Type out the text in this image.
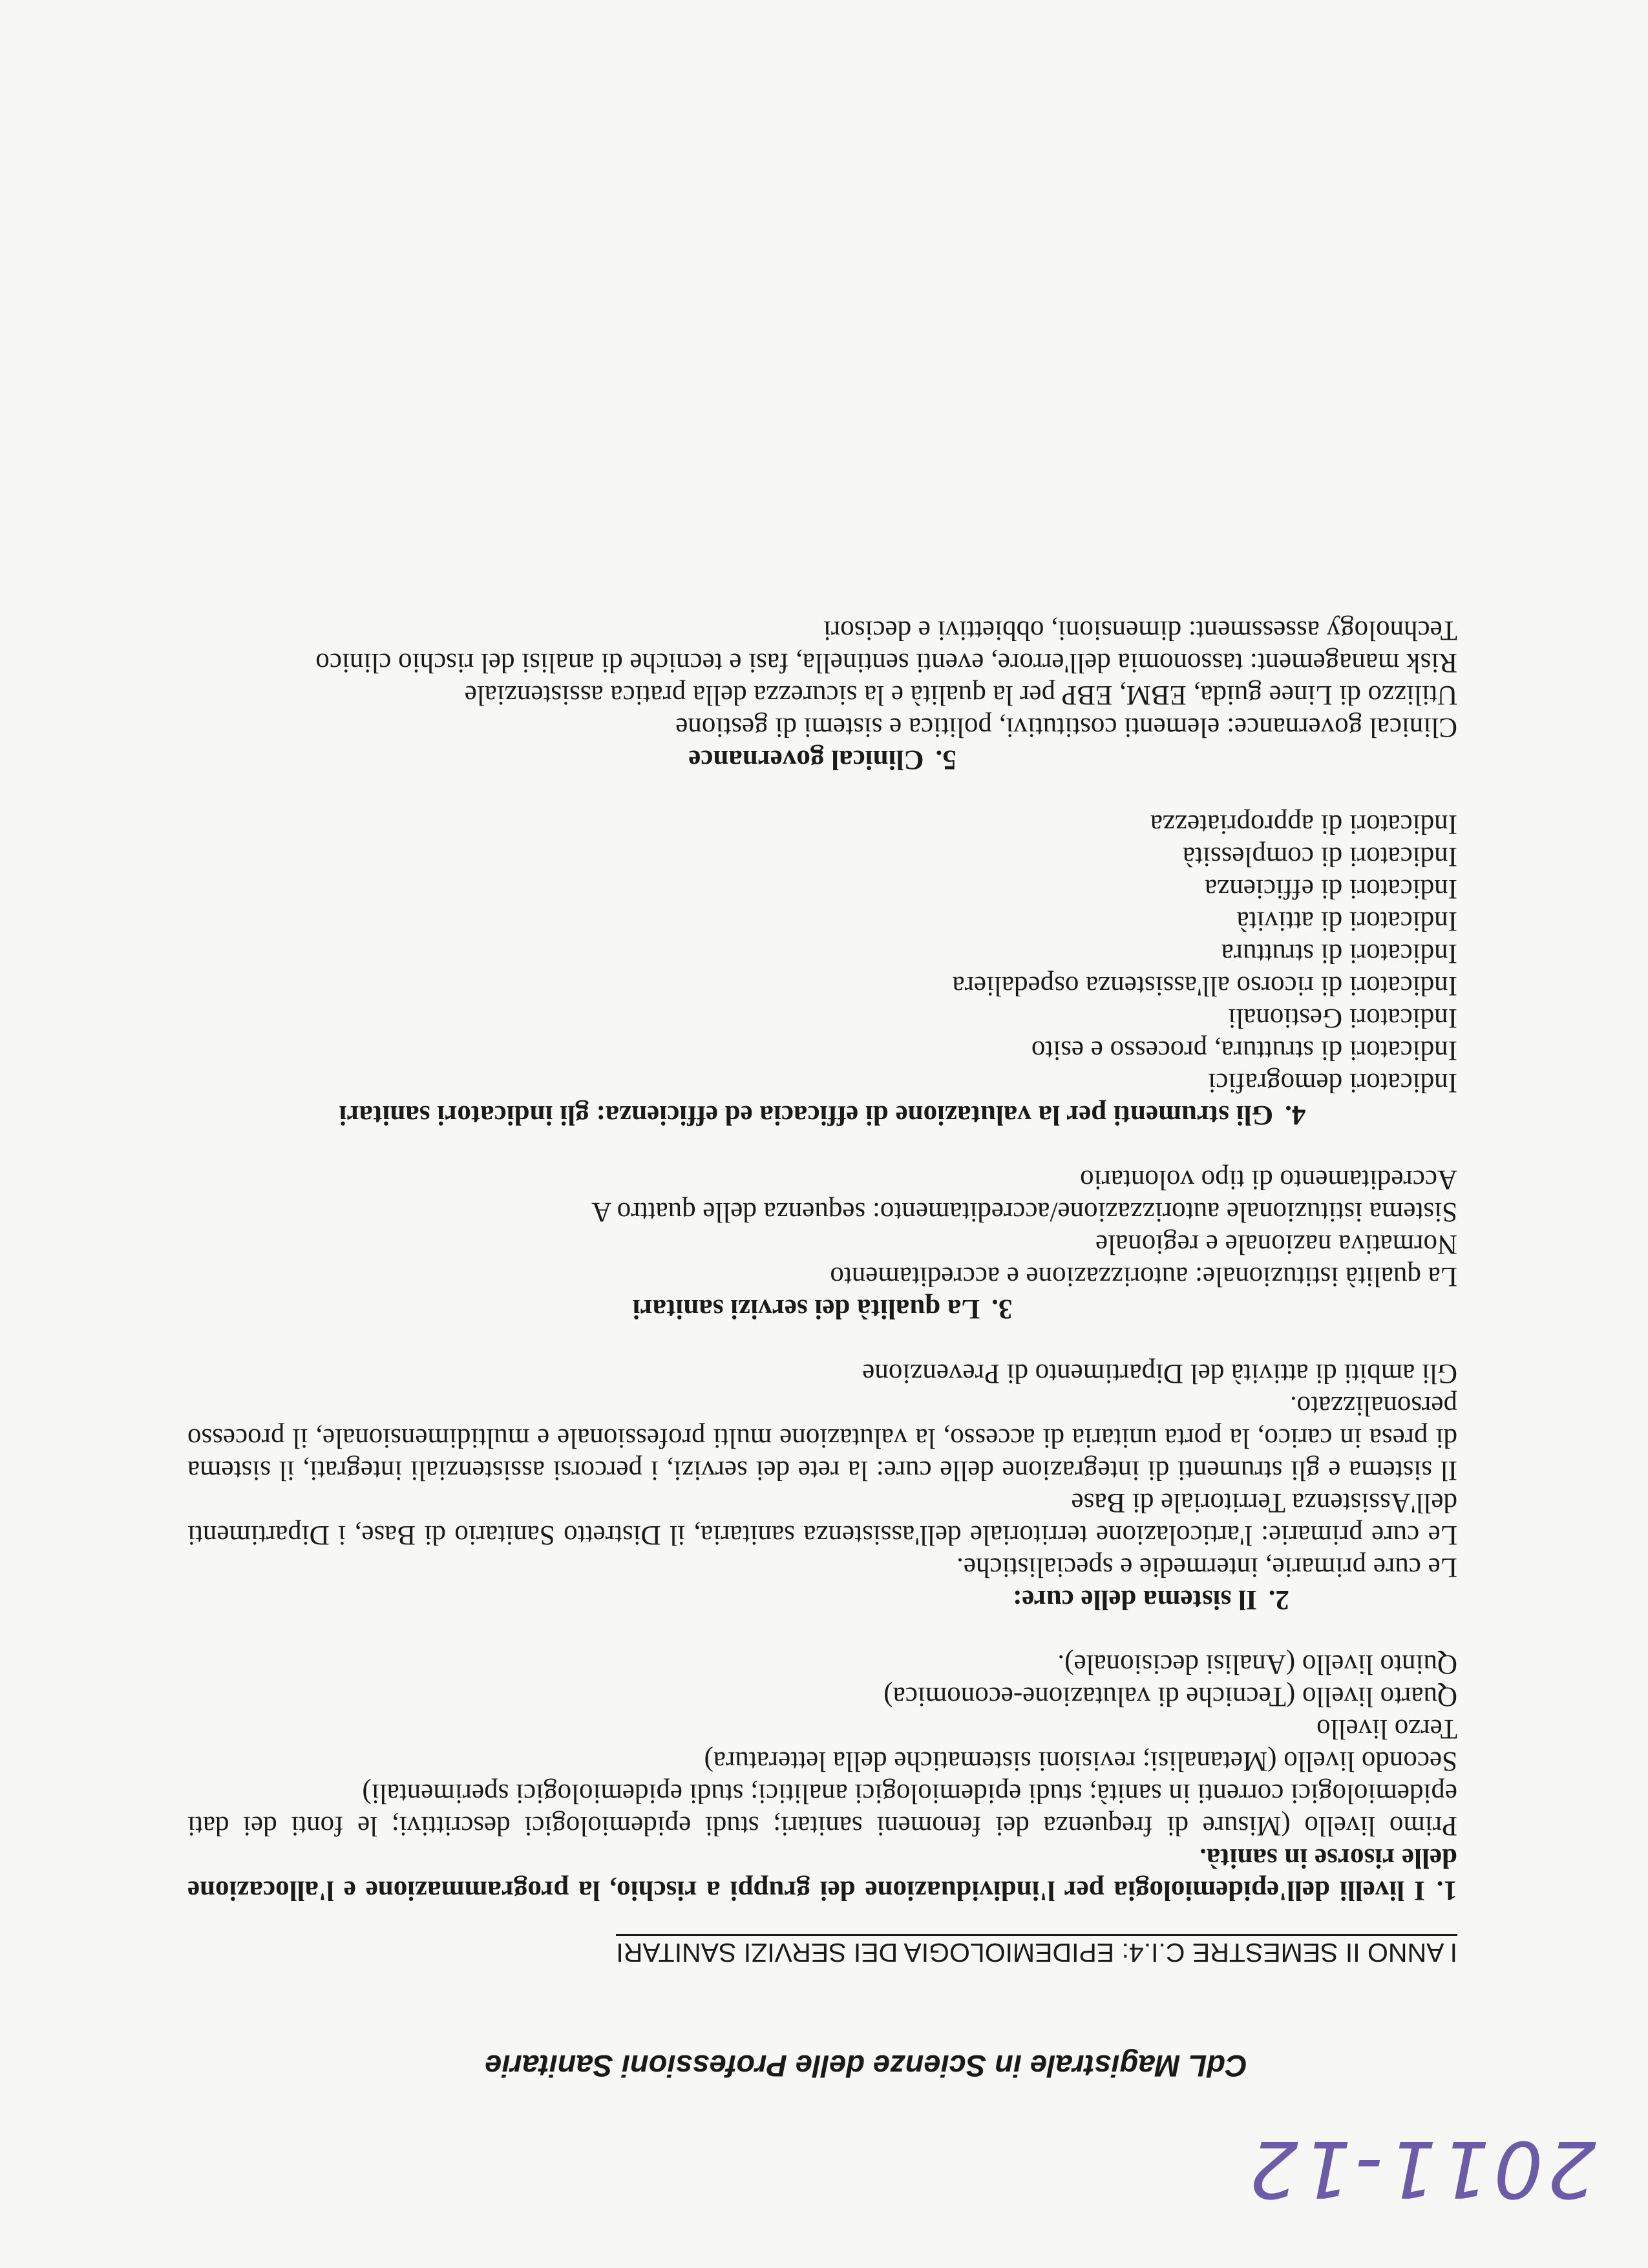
2011-12
CdL Magistrale in Scienze delle Professioni Sanitarie
I ANNO II SEMESTRE C.I.4: EPIDEMIOLOGIA DEI SERVIZI SANITARI
1.I livelli dell'epidemiologia per l'individuazione dei gruppi a rischio, la programmazione e l'allocazione delle risorse in sanità.

Primo livello (Misure di frequenza dei fenomeni sanitari; studi epidemiologici descrittivi; le fonti dei dati epidemiologici correnti in sanità; studi epidemiologici analitici; studi epidemiologici sperimentali)

Secondo livello (Metanalisi; revisioni sistematiche della letteratura)

Terzo livello

Quarto livello (Tecniche di valutazione-economica)

Quinto livello (Analisi decisionale).

2.Il sistema delle cure:

Le cure primarie, intermedie e specialistiche.

Le cure primarie: l'articolazione territoriale dell'assistenza sanitaria, il Distretto Sanitario di Base, i Dipartimenti dell'Assistenza Territoriale di Base

Il sistema e gli strumenti di integrazione delle cure: la rete dei servizi, i percorsi assistenziali integrati, il sistema di presa in carico, la porta unitaria di accesso, la valutazione multi professionale e multidimensionale, il processo personalizzato.

Gli ambiti di attività del Dipartimento di Prevenzione

3.La qualità dei servizi sanitari

La qualità istituzionale: autorizzazione e accreditamento

Normativa nazionale e regionale

Sistema istituzionale autorizzazione/accreditamento: sequenza delle quattro A

Accreditamento di tipo volontario

4.Gli strumenti per la valutazione di efficacia ed efficienza: gli indicatori sanitari

Indicatori demografici

Indicatori di struttura, processo e esito

Indicatori Gestionali

Indicatori di ricorso all'assistenza ospedaliera

Indicatori di struttura

Indicatori di attività

Indicatori di efficienza

Indicatori di complessità

Indicatori di appropriatezza

5.Clinical governance

Clinical governance: elementi costitutivi, politica e sistemi di gestione

Utilizzo di Linee guida, EBM, EBP per la qualità e la sicurezza della pratica assistenziale

Risk management: tassonomia dell'errore, eventi sentinella, fasi e tecniche di analisi del rischio clinico

Technology assessment: dimensioni, obbiettivi e decisori
